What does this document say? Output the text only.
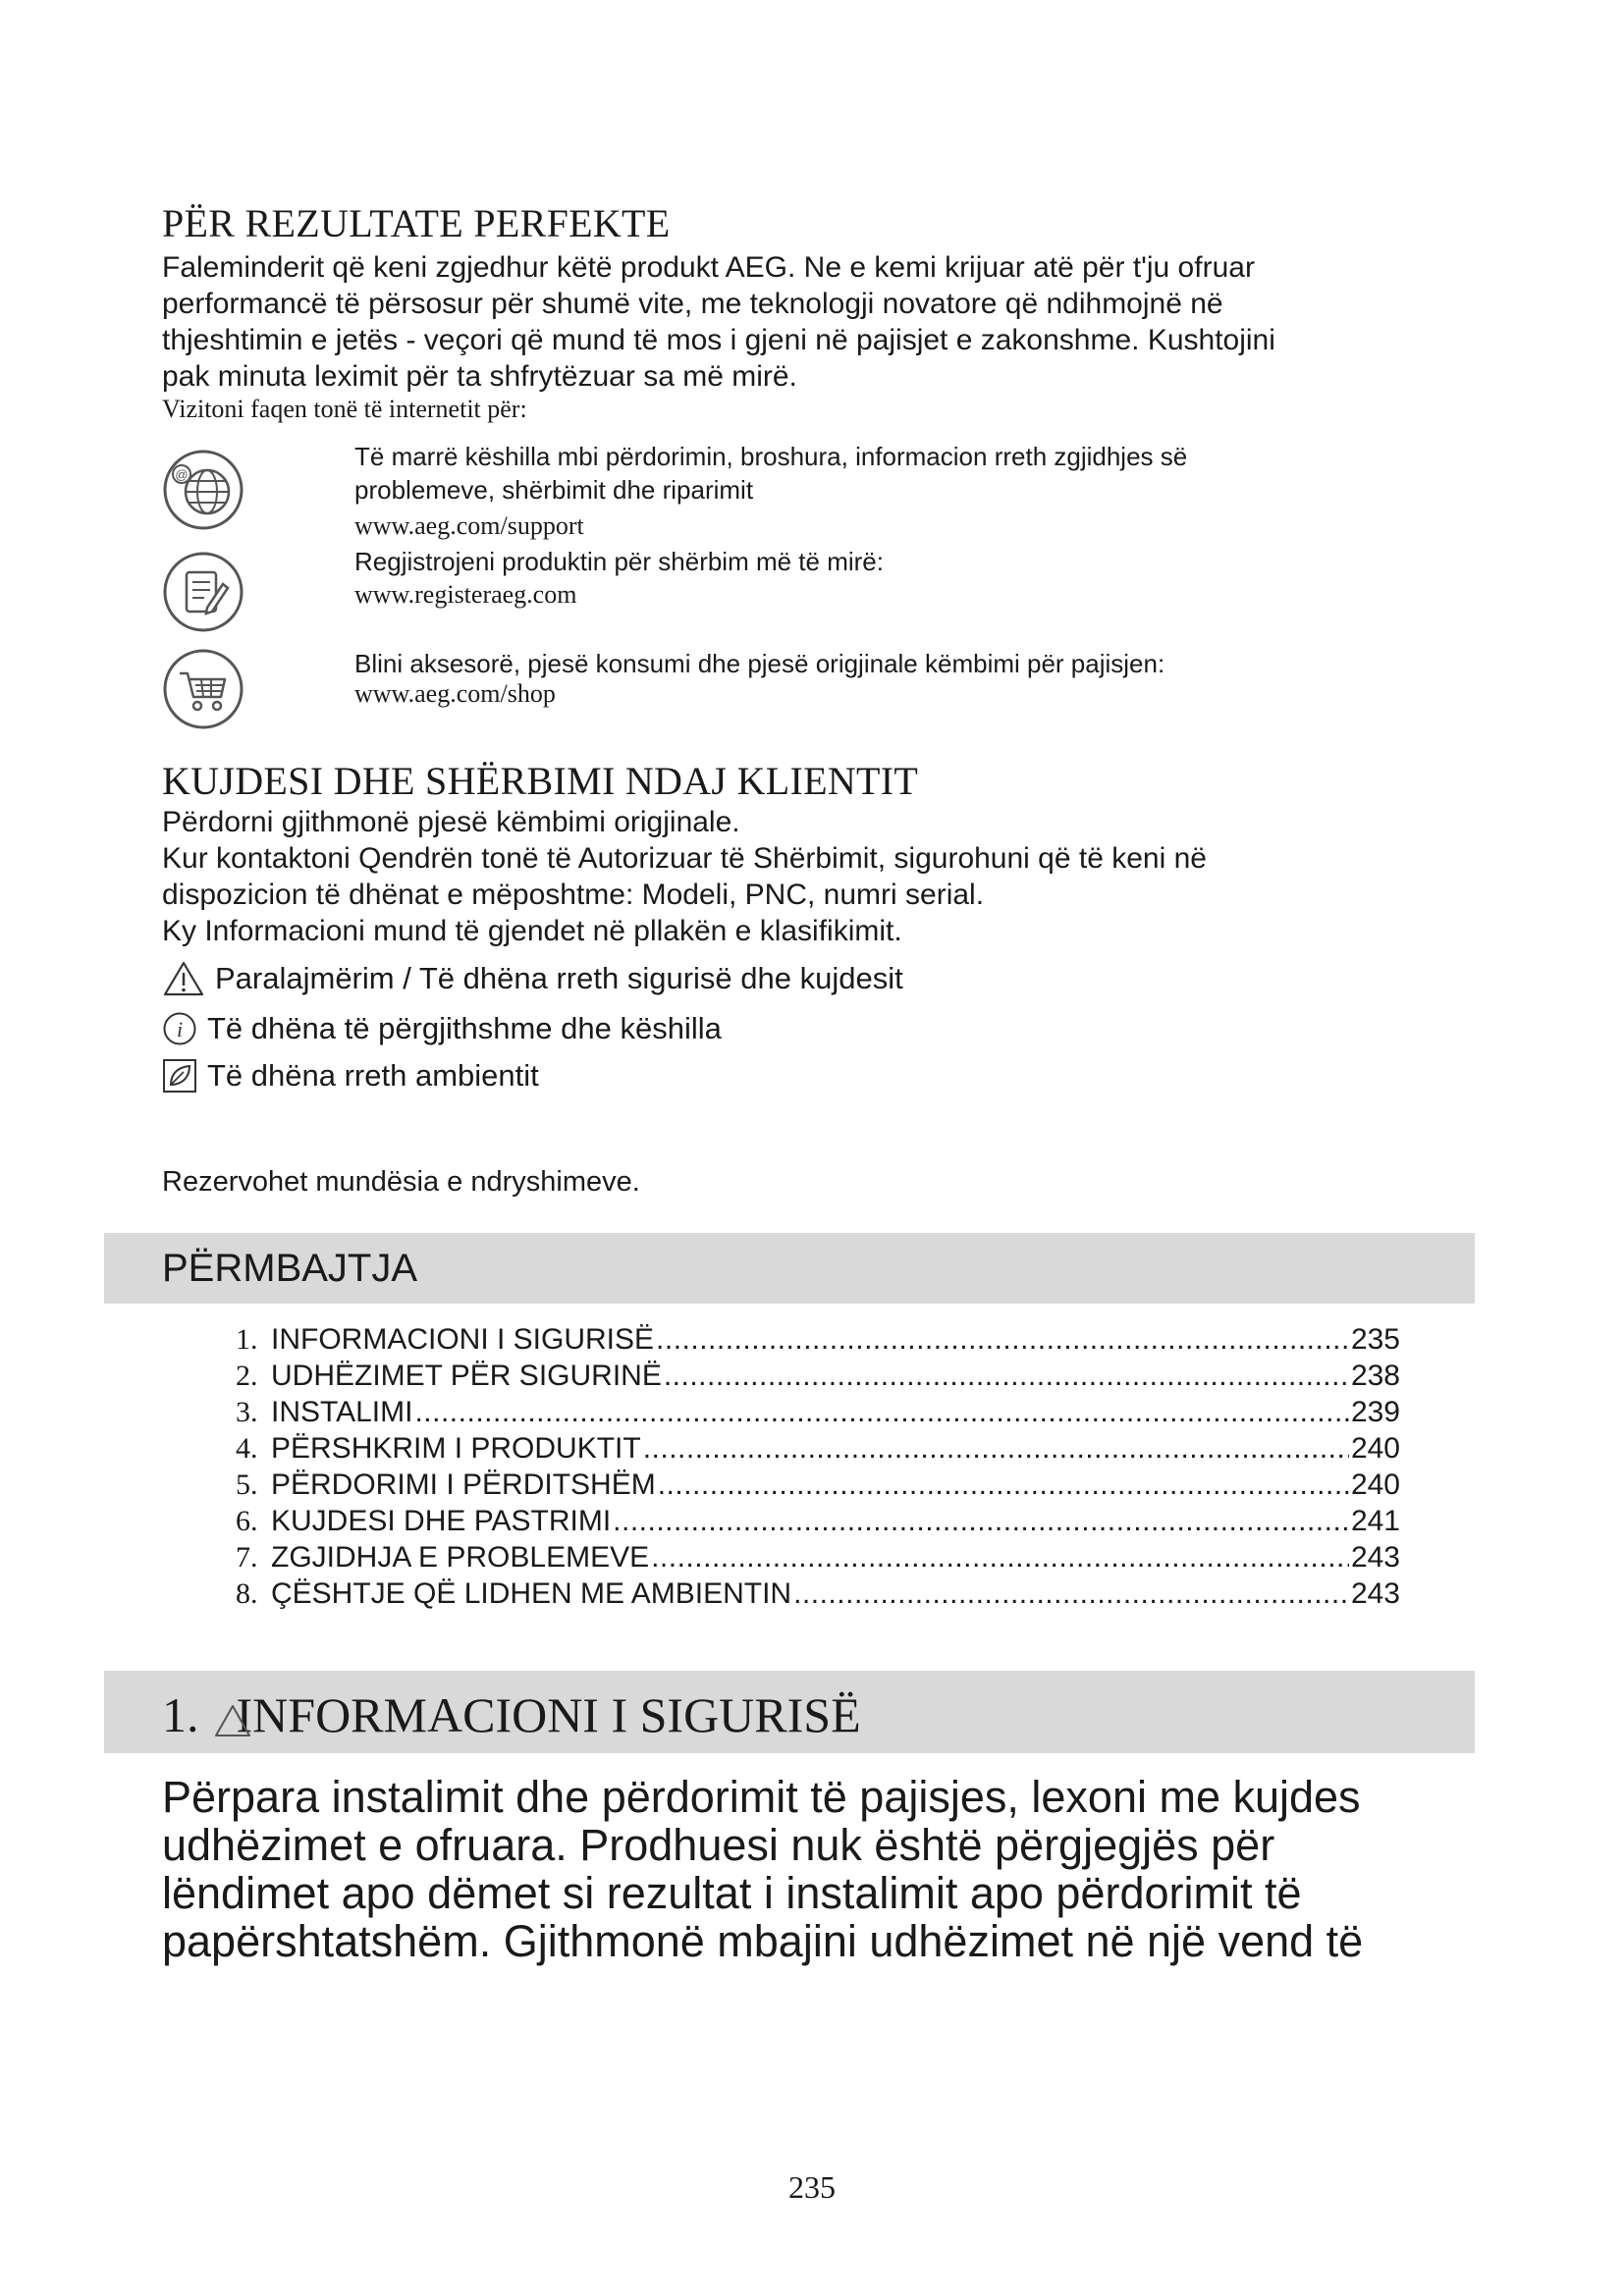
PËR REZULTATE PERFEKTE
Faleminderit që keni zgjedhur këtë produkt AEG. Ne e kemi krijuar atë për t'ju ofruar
performancë të përsosur për shumë vite, me teknologji novatore që ndihmojnë në
thjeshtimin e jetës - veçori që mund të mos i gjeni në pajisjet e zakonshme. Kushtojini
pak minuta leximit për ta shfrytëzuar sa më mirë.
Vizitoni faqen tonë të internetit për:
@
Të marrë këshilla mbi përdorimin, broshura, informacion rreth zgjidhjes së
problemeve, shërbimit dhe riparimit
www.aeg.com/support
Regjistrojeni produktin për shërbim më të mirë:
www.registeraeg.com
Blini aksesorë, pjesë konsumi dhe pjesë origjinale këmbimi për pajisjen:
www.aeg.com/shop
KUJDESI DHE SHËRBIMI NDAJ KLIENTIT
Përdorni gjithmonë pjesë këmbimi origjinale.
Kur kontaktoni Qendrën tonë të Autorizuar të Shërbimit, sigurohuni që të keni në
dispozicion të dhënat e mëposhtme: Modeli, PNC, numri serial.
Ky Informacioni mund të gjendet në pllakën e klasifikimit.
Paralajmërim / Të dhëna rreth sigurisë dhe kujdesit
i Të dhëna të përgjithshme dhe këshilla
Të dhëna rreth ambientit
Rezervohet mundësia e ndryshimeve.
PËRMBAJTJA
1. INFORMACIONI I SIGURISË .....	235
2. UDHËZIMET PËR SIGURINË .....	238
3. INSTALIMI .....	239
4. PËRSHKRIM I PRODUKTIT .....	240
5. PËRDORIMI I PËRDITSHËM .....	240
6. KUJDESI DHE PASTRIMI .....	241
7. ZGJIDHJA E PROBLEMEVE .....	243
8. ÇËSHTJE QË LIDHEN ME AMBIENTIN .....	243
1. INFORMACIONI I SIGURISË
Përpara instalimit dhe përdorimit të pajisjes, lexoni me kujdes
udhëzimet e ofruara. Prodhuesi nuk është përgjegjës për
lëndimet apo dëmet si rezultat i instalimit apo përdorimit të
papërshtatshëm. Gjithmonë mbajini udhëzimet në një vend të
235
